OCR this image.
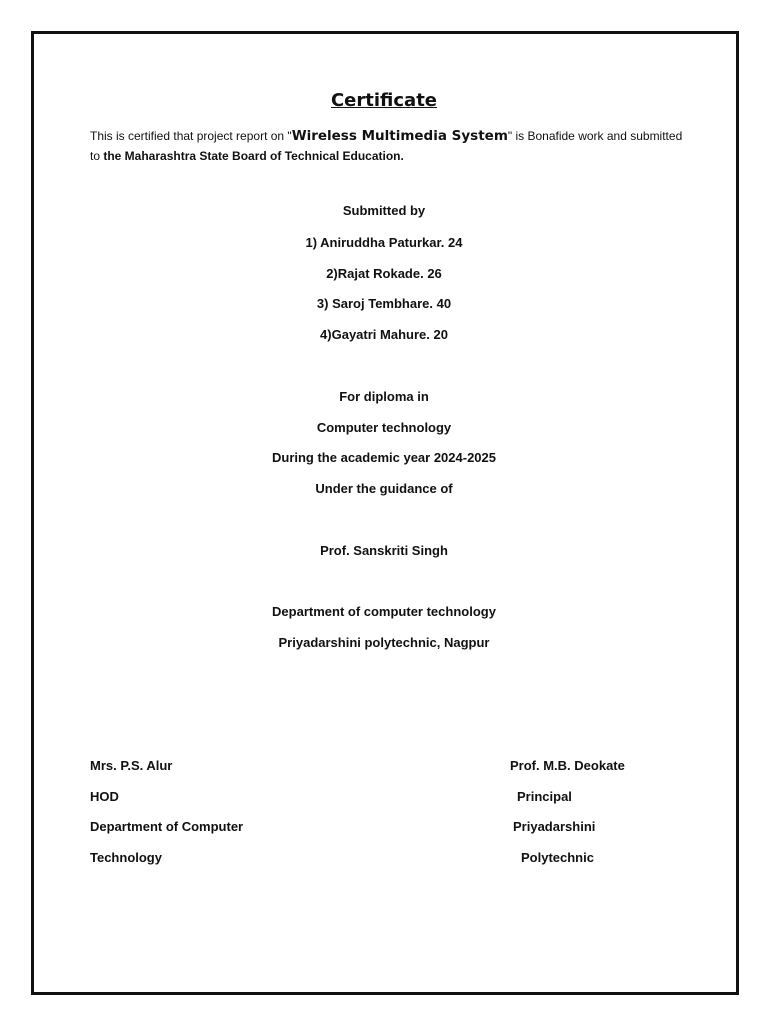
Certificate
This is certified that project report on "Wireless Multimedia System" is Bonafide work and submitted to the Maharashtra State Board of Technical Education.
Submitted by
1) Aniruddha Paturkar. 24
2)Rajat Rokade. 26
3) Saroj Tembhare. 40
4)Gayatri Mahure. 20
For diploma in
Computer technology
During the academic year 2024-2025
Under the guidance of
Prof. Sanskriti Singh
Department of computer technology
Priyadarshini polytechnic, Nagpur
Mrs. P.S. Alur
HOD
Department of Computer
Technology
Prof. M.B. Deokate
Principal
Priyadarshini
Polytechnic
